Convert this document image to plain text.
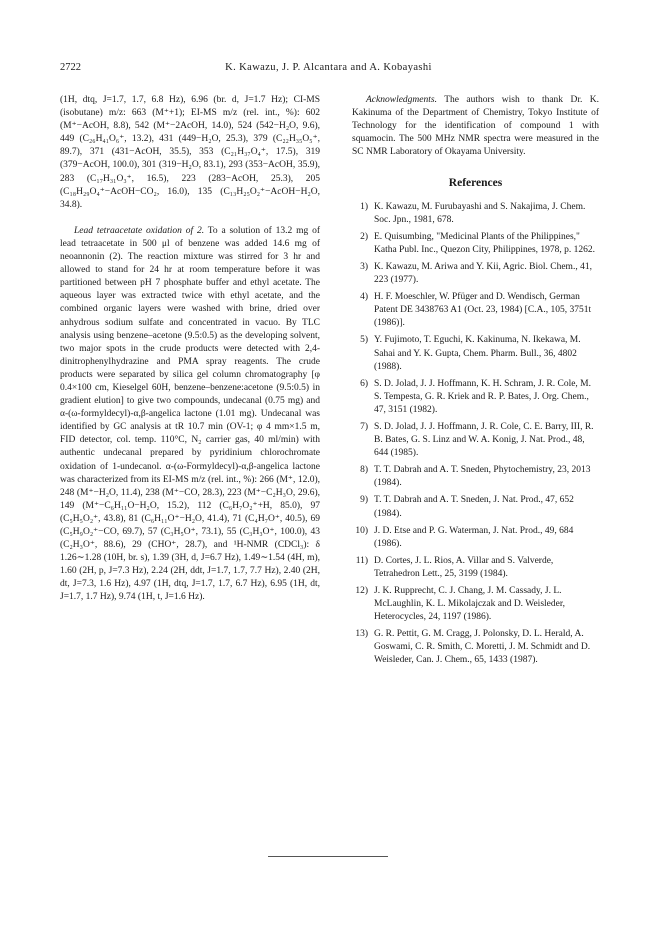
2722	K. Kawazu, J. P. Alcantara and A. Kobayashi

(1H, dtq, J=1.7, 1.7, 6.8 Hz), 6.96 (br. d, J=1.7 Hz); CI-MS (isobutane) m/z: 663 (M⁺+1); EI-MS m/z (rel. int., %): 602 (M⁺−AcOH, 8.8), 542 (M⁺−2AcOH, 14.0), 524 (542−H₂O, 9.6), 449 (C₂₆H₄₁O₆⁺, 13.2), 431 (449−H₂O, 25.3), 379 (C₂₂H₃₅O₅⁺, 89.7), 371 (431−AcOH, 35.5), 353 (C₂₁H₃₇O₄⁺, 17.5), 319 (379−AcOH, 100.0), 301 (319−H₂O, 83.1), 293 (353−AcOH, 35.9), 283 (C₁₇H₃₁O₃⁺, 16.5), 223 (283−AcOH, 25.3), 205 (C₁₈H₂₉O₄⁺−AcOH−CO₂, 16.0), 135 (C₁₃H₂₅O₂⁺−AcOH−H₂O, 34.8).

Lead tetraacetate oxidation of 2. To a solution of 13.2 mg of lead tetraacetate in 500 μl of benzene was added 14.6 mg of neoannonin (2). The reaction mixture was stirred for 3 hr and allowed to stand for 24 hr at room temperature before it was partitioned between pH 7 phosphate buffer and ethyl acetate. The aqueous layer was extracted twice with ethyl acetate, and the combined organic layers were washed with brine, dried over anhydrous sodium sulfate and concentrated in vacuo. By TLC analysis using benzene–acetone (9.5:0.5) as the developing solvent, two major spots in the crude products were detected with 2,4-dinitrophenylhydrazine and PMA spray reagents. The crude products were separated by silica gel column chromatography [φ 0.4×100 cm, Kieselgel 60H, benzene–benzene:acetone (9.5:0.5) in gradient elution] to give two compounds, undecanal (0.75 mg) and α-(ω-formyldecyl)-α,β-angelica lactone (1.01 mg). Undecanal was identified by GC analysis at tR 10.7 min (OV-1; φ 4 mm×1.5 m, FID detector, col. temp. 110°C, N₂ carrier gas, 40 ml/min) with authentic undecanal prepared by pyridinium chlorochromate oxidation of 1-undecanol. α-(ω-Formyldecyl)-α,β-angelica lactone was characterized from its EI-MS m/z (rel. int., %): 266 (M⁺, 12.0), 248 (M⁺−H₂O, 11.4), 238 (M⁺−CO, 28.3), 223 (M⁺−C₂H₃O, 29.6), 149 (M⁺−C₆H₁₁O−H₂O, 15.2), 112 (C₆H₇O₂⁺+H, 85.0), 97 (C₅H₅O₂⁺, 43.8), 81 (C₆H₁₁O⁺−H₂O, 41.4), 71 (C₄H₇O⁺, 40.5), 69 (C₅H₉O₂⁺−CO, 69.7), 57 (C₃H₅O⁺, 73.1), 55 (C₃H₃O⁺, 100.0), 43 (C₂H₃O⁺, 88.6), 29 (CHO⁺, 28.7), and ¹H-NMR (CDCl₃): δ 1.26∼1.28 (10H, br. s), 1.39 (3H, d, J=6.7 Hz), 1.49∼1.54 (4H, m), 1.60 (2H, p, J=7.3 Hz), 2.24 (2H, ddt, J=1.7, 1.7, 7.7 Hz), 2.40 (2H, dt, J=7.3, 1.6 Hz), 4.97 (1H, dtq, J=1.7, 1.7, 6.7 Hz), 6.95 (1H, dt, J=1.7, 1.7 Hz), 9.74 (1H, t, J=1.6 Hz).

Acknowledgments. The authors wish to thank Dr. K. Kakinuma of the Department of Chemistry, Tokyo Institute of Technology for the identification of compound 1 with squamocin. The 500 MHz NMR spectra were measured in the SC NMR Laboratory of Okayama University.

References
1) K. Kawazu, M. Furubayashi and S. Nakajima, J. Chem. Soc. Jpn., 1981, 678.
2) E. Quisumbing, "Medicinal Plants of the Philippines," Katha Publ. Inc., Quezon City, Philippines, 1978, p. 1262.
3) K. Kawazu, M. Ariwa and Y. Kii, Agric. Biol. Chem., 41, 223 (1977).
4) H. F. Moeschler, W. Pfüger and D. Wendisch, German Patent DE 3438763 A1 (Oct. 23, 1984) [C.A., 105, 3751t (1986)].
5) Y. Fujimoto, T. Eguchi, K. Kakinuma, N. Ikekawa, M. Sahai and Y. K. Gupta, Chem. Pharm. Bull., 36, 4802 (1988).
6) S. D. Jolad, J. J. Hoffmann, K. H. Schram, J. R. Cole, M. S. Tempesta, G. R. Kriek and R. P. Bates, J. Org. Chem., 47, 3151 (1982).
7) S. D. Jolad, J. J. Hoffmann, J. R. Cole, C. E. Barry, III, R. B. Bates, G. S. Linz and W. A. Konig, J. Nat. Prod., 48, 644 (1985).
8) T. T. Dabrah and A. T. Sneden, Phytochemistry, 23, 2013 (1984).
9) T. T. Dabrah and A. T. Sneden, J. Nat. Prod., 47, 652 (1984).
10) J. D. Etse and P. G. Waterman, J. Nat. Prod., 49, 684 (1986).
11) D. Cortes, J. L. Rios, A. Villar and S. Valverde, Tetrahedron Lett., 25, 3199 (1984).
12) J. K. Rupprecht, C. J. Chang, J. M. Cassady, J. L. McLaughlin, K. L. Mikolajczak and D. Weisleder, Heterocycles, 24, 1197 (1986).
13) G. R. Pettit, G. M. Cragg, J. Polonsky, D. L. Herald, A. Goswami, C. R. Smith, C. Moretti, J. M. Schmidt and D. Weisleder, Can. J. Chem., 65, 1433 (1987).
